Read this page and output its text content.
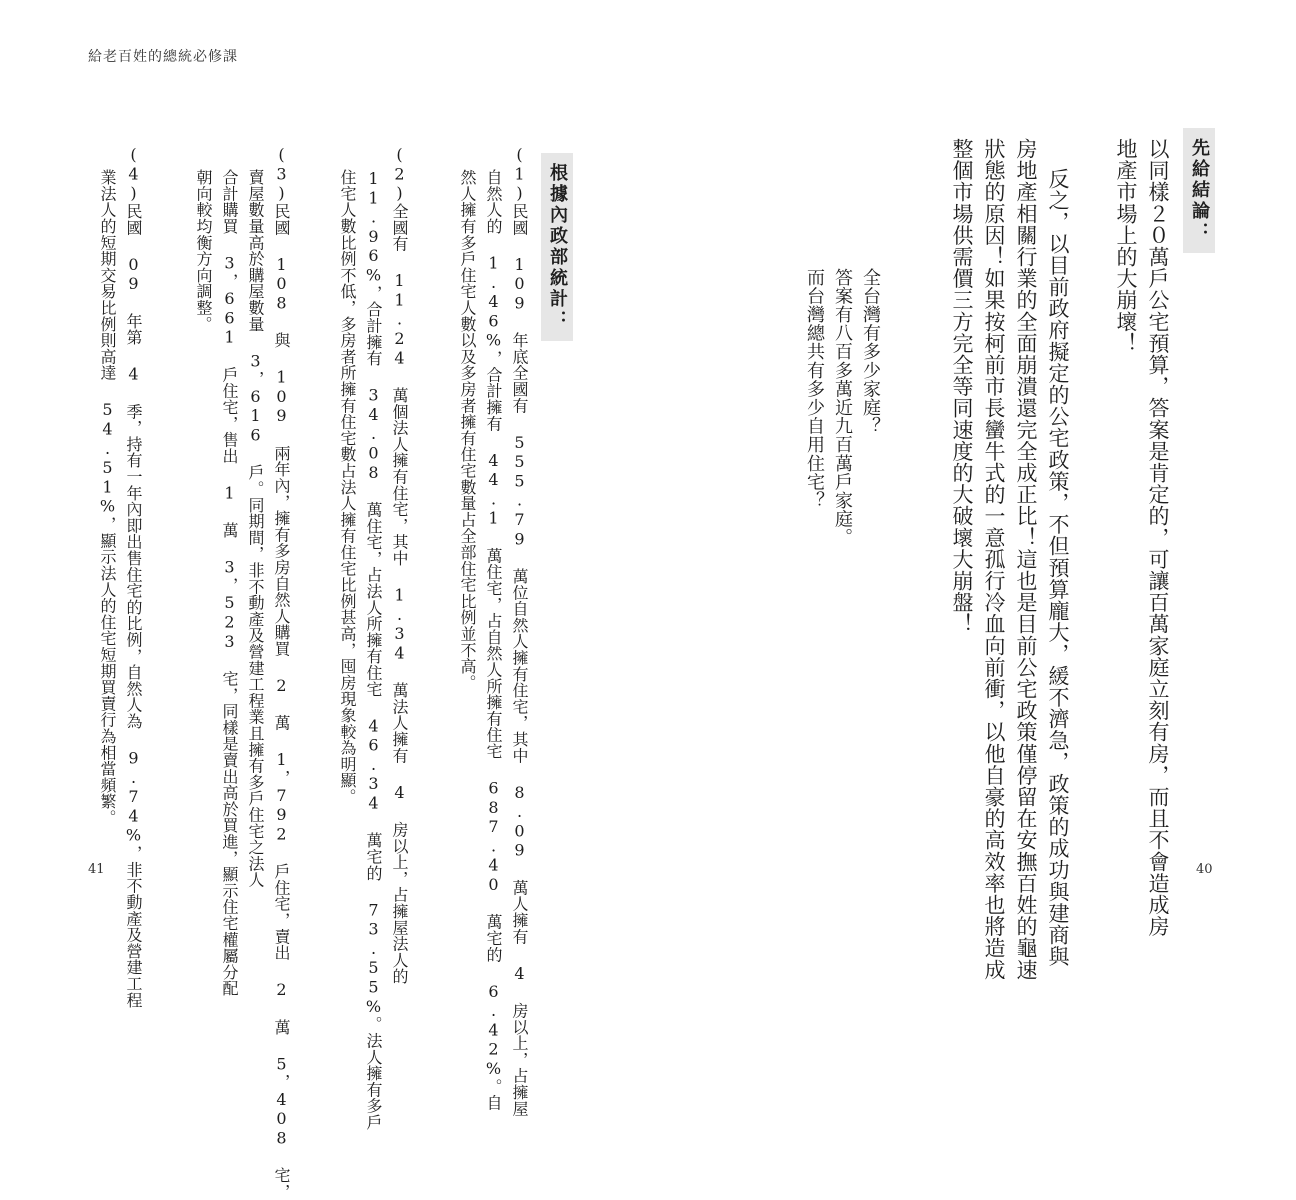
給老百姓的總統必修課
先給結論：
以同樣２０萬戶公宅預算，答案是肯定的，可讓百萬家庭立刻有房，而且不會造成房
地產市場上的大崩壞！
反之，以目前政府擬定的公宅政策，不但預算龐大，緩不濟急，政策的成功與建商與
房地產相關行業的全面崩潰還完全成正比！這也是目前公宅政策僅停留在安撫百姓的龜速
狀態的原因！如果按柯前市長蠻牛式的一意孤行冷血向前衝，以他自豪的高效率也將造成
整個市場供需價三方完全等同速度的大破壞大崩盤！
全台灣有多少家庭？
答案有八百多萬近九百萬戶家庭。
而台灣總共有多少自用住宅？
根據內政部統計：
(1)民國 109 年底全國有 555.79 萬位自然人擁有住宅，其中 8.09 萬人擁有 4 房以上，占擁屋
自然人的 1.46%，合計擁有 44.1 萬住宅，占自然人所擁有住宅 687.40 萬宅的 6.42%。自
然人擁有多戶住宅人數以及多房者擁有住宅數量占全部住宅比例並不高。
(2)全國有 11.24 萬個法人擁有住宅，其中 1.34 萬法人擁有 4 房以上，占擁屋法人的
11.96%，合計擁有 34.08 萬住宅，占法人所擁有住宅 46.34 萬宅的 73.55%。法人擁有多戶
住宅人數比例不低，多房者所擁有住宅數占法人擁有住宅比例甚高，囤房現象較為明顯。
(3)民國 108 與 109 兩年內，擁有多房自然人購買 2 萬 1，792 戶住宅，賣出 2 萬 5，408 宅，
賣屋數量高於購屋數量 3，616 戶。同期間，非不動產及營建工程業且擁有多戶住宅之法人
合計購買 3，661 戶住宅，售出 1 萬 3，523 宅，同樣是賣出高於買進，顯示住宅權屬分配
朝向較均衡方向調整。
(4)民國 09 年第 4 季，持有一年內即出售住宅的比例，自然人為 9.74%，非不動產及營建工程
業法人的短期交易比例則高達 54.51%，顯示法人的住宅短期買賣行為相當頻繁。
41	40
